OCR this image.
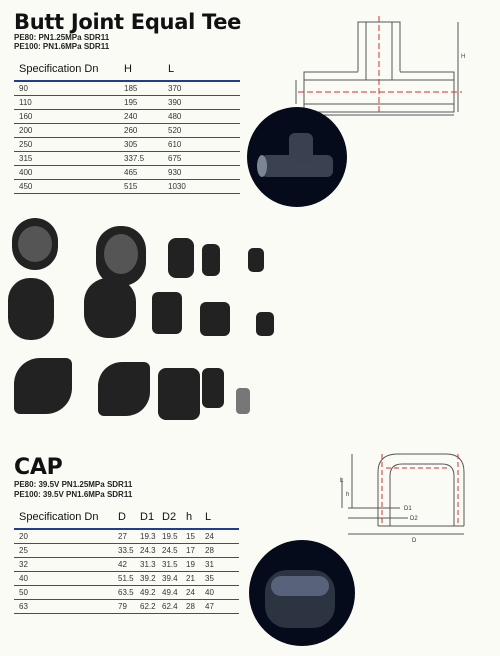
Butt Joint Equal Tee
PE80: PN1.25MPa SDR11
PE100: PN1.6MPa SDR11
Specification Dn	H	L
90	185	370
110	195	390
160	240	480
200	260	520
250	305	610
315	337.5	675
400	465	930
450	515	1030
H
CAP
PE80: 39.5V PN1.25MPa SDR11
PE100: 39.5V PN1.6MPa SDR11
Specification Dn	D	D1	D2	h	L
20	27	19.3	19.5	15	24
25	33.5	24.3	24.5	17	28
32	42	31.3	31.5	19	31
40	51.5	39.2	39.4	21	35
50	63.5	49.2	49.4	24	40
63	79	62.2	62.4	28	47
L
h
D1
D2
D
